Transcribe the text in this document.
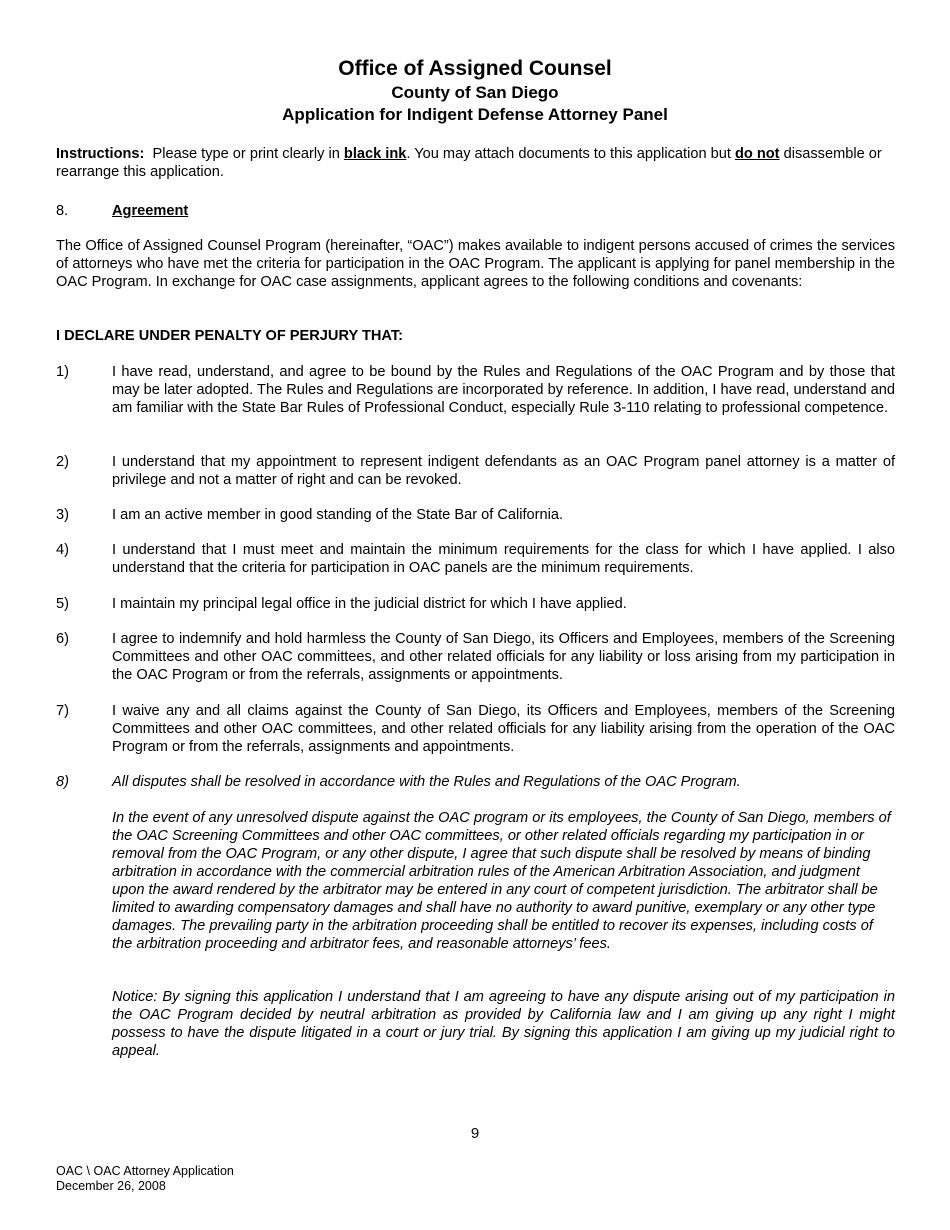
Office of Assigned Counsel
County of San Diego
Application for Indigent Defense Attorney Panel
Instructions: Please type or print clearly in black ink. You may attach documents to this application but do not disassemble or rearrange this application.
8.	Agreement
The Office of Assigned Counsel Program (hereinafter, “OAC”) makes available to indigent persons accused of crimes the services of attorneys who have met the criteria for participation in the OAC Program. The applicant is applying for panel membership in the OAC Program. In exchange for OAC case assignments, applicant agrees to the following conditions and covenants:
I DECLARE UNDER PENALTY OF PERJURY THAT:
1)	I have read, understand, and agree to be bound by the Rules and Regulations of the OAC Program and by those that may be later adopted. The Rules and Regulations are incorporated by reference. In addition, I have read, understand and am familiar with the State Bar Rules of Professional Conduct, especially Rule 3-110 relating to professional competence.
2)	I understand that my appointment to represent indigent defendants as an OAC Program panel attorney is a matter of privilege and not a matter of right and can be revoked.
3)	I am an active member in good standing of the State Bar of California.
4)	I understand that I must meet and maintain the minimum requirements for the class for which I have applied. I also understand that the criteria for participation in OAC panels are the minimum requirements.
5)	I maintain my principal legal office in the judicial district for which I have applied.
6)	I agree to indemnify and hold harmless the County of San Diego, its Officers and Employees, members of the Screening Committees and other OAC committees, and other related officials for any liability or loss arising from my participation in the OAC Program or from the referrals, assignments or appointments.
7)	I waive any and all claims against the County of San Diego, its Officers and Employees, members of the Screening Committees and other OAC committees, and other related officials for any liability arising from the operation of the OAC Program or from the referrals, assignments and appointments.
8)	All disputes shall be resolved in accordance with the Rules and Regulations of the OAC Program.
In the event of any unresolved dispute against the OAC program or its employees, the County of San Diego, members of the OAC Screening Committees and other OAC committees, or other related officials regarding my participation in or removal from the OAC Program, or any other dispute, I agree that such dispute shall be resolved by means of binding arbitration in accordance with the commercial arbitration rules of the American Arbitration Association, and judgment upon the award rendered by the arbitrator may be entered in any court of competent jurisdiction. The arbitrator shall be limited to awarding compensatory damages and shall have no authority to award punitive, exemplary or any other type damages. The prevailing party in the arbitration proceeding shall be entitled to recover its expenses, including costs of the arbitration proceeding and arbitrator fees, and reasonable attorneys’ fees.
Notice: By signing this application I understand that I am agreeing to have any dispute arising out of my participation in the OAC Program decided by neutral arbitration as provided by California law and I am giving up any right I might possess to have the dispute litigated in a court or jury trial. By signing this application I am giving up my judicial right to appeal.
9
OAC \ OAC Attorney Application
December 26, 2008
